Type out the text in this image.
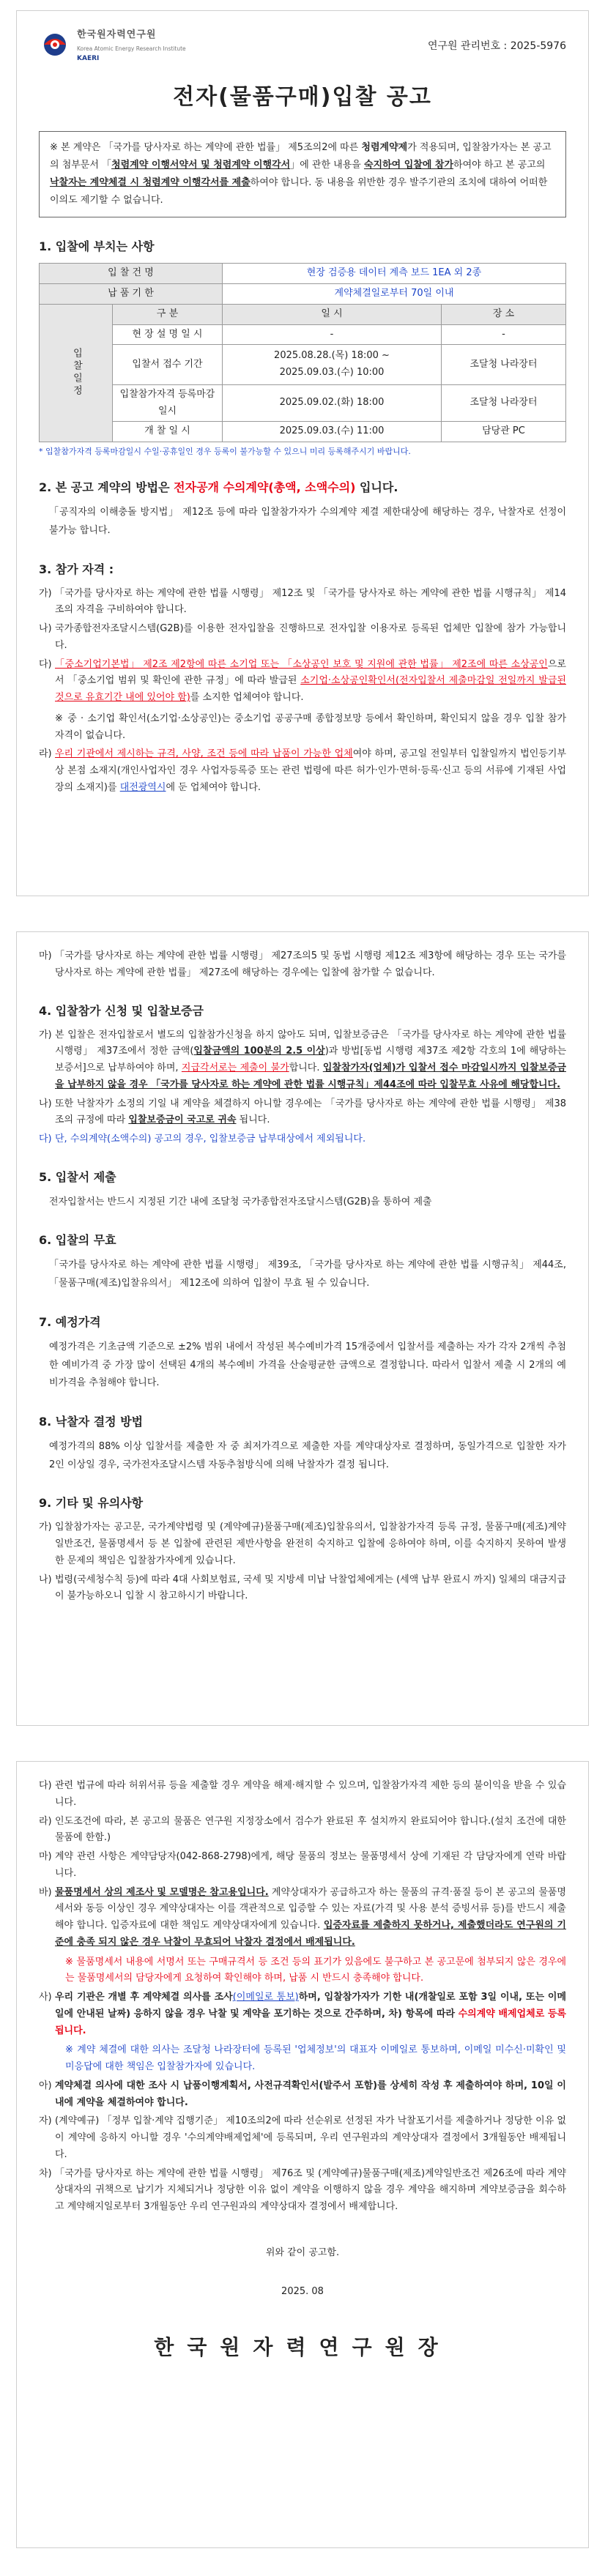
한국원자력연구원
Korea Atomic Energy Research Institute
KAERI
연구원 관리번호 : 2025-5976
전자(물품구매)입찰 공고
※ 본 계약은 「국가를 당사자로 하는 계약에 관한 법률」 제5조의2에 따른 청렴계약제가 적용되며, 입찰참가자는 본 공고의 첨부문서 「청렴계약 이행서약서 및 청렴계약 이행각서」에 관한 내용을 숙지하여 입찰에 참가하여야 하고 본 공고의 낙찰자는 계약체결 시 청렴계약 이행각서를 제출하여야 합니다. 동 내용을 위반한 경우 발주기관의 조치에 대하여 어떠한 이의도 제기할 수 없습니다.
1. 입찰에 부치는 사항
입 찰 건 명		현장 검증용 데이터 계측 보드 1EA 외 2종	
납 품 기 한		계약체결일로부터 70일 이내	
입찰일정	구 분	일 시	장 소
	현 장 설 명 일 시	-	-
	입찰서 접수 기간	2025.08.28.(목) 18:00 ~ 2025.09.03.(수) 10:00	조달청 나라장터
	입찰참가자격 등록마감일시	2025.09.02.(화) 18:00	조달청 나라장터
	개 찰 일 시	2025.09.03.(수) 11:00	담당관 PC
* 입찰참가자격 등록마감일시 수일·공휴일인 경우 등록이 불가능할 수 있으니 미리 등록해주시기 바랍니다.
2. 본 공고 계약의 방법은 전자공개 수의계약(총액, 소액수의) 입니다.
「공직자의 이해충돌 방지법」 제12조 등에 따라 입찰참가자가 수의계약 제결 제한대상에 해당하는 경우, 낙찰자로 선정이 불가능 합니다.
3. 참가 자격 :
가) 「국가를 당사자로 하는 계약에 관한 법률 시행령」 제12조 및 「국가를 당사자로 하는 계약에 관한 법률 시행규칙」 제14조의 자격을 구비하여야 합니다.
나) 국가종합전자조달시스템(G2B)를 이용한 전자입찰을 진행하므로 전자입찰 이용자로 등록된 업체만 입찰에 참가 가능합니다.
다) 「중소기업기본법」 제2조 제2항에 따른 소기업 또는 「소상공인 보호 및 지원에 관한 법률」 제2조에 따른 소상공인으로서 「중소기업 범위 및 확인에 관한 규정」에 따라 발급된 소기업·소상공인확인서(전자입찰서 제출마감일 전일까지 발급된 것으로 유효기간 내에 있어야 함)를 소지한 업체여야 합니다.
※ 중 · 소기업 확인서(소기업·소상공인)는 중소기업 공공구매 종합정보망 등에서 확인하며, 확인되지 않을 경우 입찰 참가 자격이 없습니다.
라) 우리 기관에서 제시하는 규격, 사양, 조건 등에 따라 납품이 가능한 업체여야 하며, 공고일 전일부터 입찰일까지 법인등기부상 본점 소재지(개인사업자인 경우 사업자등록증 또는 관련 법령에 따른 허가·인가·면허·등록·신고 등의 서류에 기재된 사업장의 소재지)를 대전광역시에 둔 업체여야 합니다.
마) 「국가를 당사자로 하는 계약에 관한 법률 시행령」 제27조의5 및 동법 시행령 제12조 제3항에 해당하는 경우 또는 국가를 당사자로 하는 계약에 관한 법률」 제27조에 해당하는 경우에는 입찰에 참가할 수 없습니다.
4. 입찰참가 신청 및 입찰보증금
가) 본 입찰은 전자입찰로서 별도의 입찰참가신청을 하지 않아도 되며, 입찰보증금은 「국가를 당사자로 하는 계약에 관한 법률 시행령」 제37조에서 정한 금액(입찰금액의 100분의 2.5 이상)과 방법[동법 시행령 제37조 제2항 각호의 1에 해당하는 보증서]으로 납부하여야 하며, 지급각서로는 제출이 불가합니다. 입찰참가자(업체)가 입찰서 접수 마감일시까지 입찰보증금을 납부하지 않을 경우 「국가를 당사자로 하는 계약에 관한 법률 시행규칙」제44조에 따라 입찰무효 사유에 해당합니다.
나) 또한 낙찰자가 소정의 기일 내 계약을 체결하지 아니할 경우에는 「국가를 당사자로 하는 계약에 관한 법률 시행령」 제38조의 규정에 따라 입찰보증금이 국고로 귀속 됩니다.
다) 단, 수의계약(소액수의) 공고의 경우, 입찰보증금 납부대상에서 제외됩니다.
5. 입찰서 제출
전자입찰서는 반드시 지정된 기간 내에 조달청 국가종합전자조달시스템(G2B)을 통하여 제출
6. 입찰의 무효
「국가를 당사자로 하는 계약에 관한 법률 시행령」 제39조, 「국가를 당사자로 하는 계약에 관한 법률 시행규칙」 제44조, 「물품구매(제조)입찰유의서」 제12조에 의하여 입찰이 무효 될 수 있습니다.
7. 예정가격
예정가격은 기초금액 기준으로 ±2% 범위 내에서 작성된 복수예비가격 15개중에서 입찰서를 제출하는 자가 각자 2개씩 추첨한 예비가격 중 가장 많이 선택된 4개의 복수예비 가격을 산술평균한 금액으로 결정합니다. 따라서 입찰서 제출 시 2개의 예비가격을 추첨해야 합니다.
8. 낙찰자 결정 방법
예정가격의 88% 이상 입찰서를 제출한 자 중 최저가격으로 제출한 자를 계약대상자로 결정하며, 동일가격으로 입찰한 자가 2인 이상일 경우, 국가전자조달시스템 자동추첨방식에 의해 낙찰자가 결정 됩니다.
9. 기타 및 유의사항
가) 입찰참가자는 공고문, 국가계약법령 및 (계약예규)물품구매(제조)입찰유의서, 입찰참가자격 등록 규정, 물품구매(제조)계약일반조건, 물품명세서 등 본 입찰에 관련된 제반사항을 완전히 숙지하고 입찰에 응하여야 하며, 이를 숙지하지 못하여 발생한 문제의 책임은 입찰참가자에게 있습니다.
나) 법령(국세청수칙 등)에 따라 4대 사회보험료, 국세 및 지방세 미납 낙찰업체에게는 (세액 납부 완료시 까지) 일체의 대금지급이 불가능하오니 입찰 시 참고하시기 바랍니다.
다) 관련 법규에 따라 허위서류 등을 제출할 경우 계약을 해제·해지할 수 있으며, 입찰참가자격 제한 등의 불이익을 받을 수 있습니다.
라) 인도조건에 따라, 본 공고의 물품은 연구원 지정장소에서 검수가 완료된 후 설치까지 완료되어야 합니다.(설치 조건에 대한 물품에 한함.)
마) 계약 관련 사항은 계약담당자(042-868-2798)에게, 해당 물품의 정보는 물품명세서 상에 기재된 각 담당자에게 연락 바랍니다.
바) 물품명세서 상의 제조사 및 모델명은 참고용입니다. 계약상대자가 공급하고자 하는 물품의 규격·품질 등이 본 공고의 물품명세서와 동등 이상인 경우 계약상대자는 이를 객관적으로 입증할 수 있는 자료(가격 및 사용 분석 증빙서류 등)를 반드시 제출해야 합니다. 입증자료에 대한 책임도 계약상대자에게 있습니다. 입증자료를 제출하지 못하거나, 제출했더라도 연구원의 기준에 충족 되지 않은 경우 낙찰이 무효되어 낙찰자 결정에서 배제됩니다.
※ 물품명세서 내용에 서명서 또는 구매규격서 등 조건 등의 표기가 있음에도 불구하고 본 공고문에 첨부되지 않은 경우에는 물품명세서의 담당자에게 요청하여 확인해야 하며, 납품 시 반드시 충족해야 합니다.
사) 우리 기관은 개별 후 계약체결 의사를 조사(이메일로 통보)하며, 입찰참가자가 기한 내(개찰일로 포함 3일 이내, 또는 이메일에 안내된 날짜) 응하지 않을 경우 낙찰 및 계약을 포기하는 것으로 간주하며, 차) 항목에 따라 수의계약 배제업체로 등록됩니다.
※ 계약 체결에 대한 의사는 조달청 나라장터에 등록된 '업체정보'의 대표자 이메일로 통보하며, 이메일 미수신·미확인 및 미응답에 대한 책임은 입찰참가자에 있습니다.
아) 계약체결 의사에 대한 조사 시 납품이행계획서, 사전규격확인서(발주서 포함)를 상세히 작성 후 제출하여야 하며, 10일 이내에 계약을 체결하여야 합니다.
자) (계약예규) 「정부 입찰·계약 집행기준」 제10조의2에 따라 선순위로 선정된 자가 낙찰포기서를 제출하거나 정당한 이유 없이 계약에 응하지 아니할 경우 '수의계약배제업체'에 등록되며, 우리 연구원과의 계약상대자 결정에서 3개월동안 배제됩니다.
차) 「국가를 당사자로 하는 계약에 관한 법률 시행령」 제76조 및 (계약예규)물품구매(제조)계약일반조건 제26조에 따라 계약상대자의 귀책으로 납기가 지체되거나 정당한 이유 없이 계약을 이행하지 않을 경우 계약을 해지하며 계약보증금을 회수하고 계약해지일로부터 3개월동안 우리 연구원과의 계약상대자 결정에서 배제합니다.
위와 같이 공고함.
2025. 08
한국원자력연구원장
